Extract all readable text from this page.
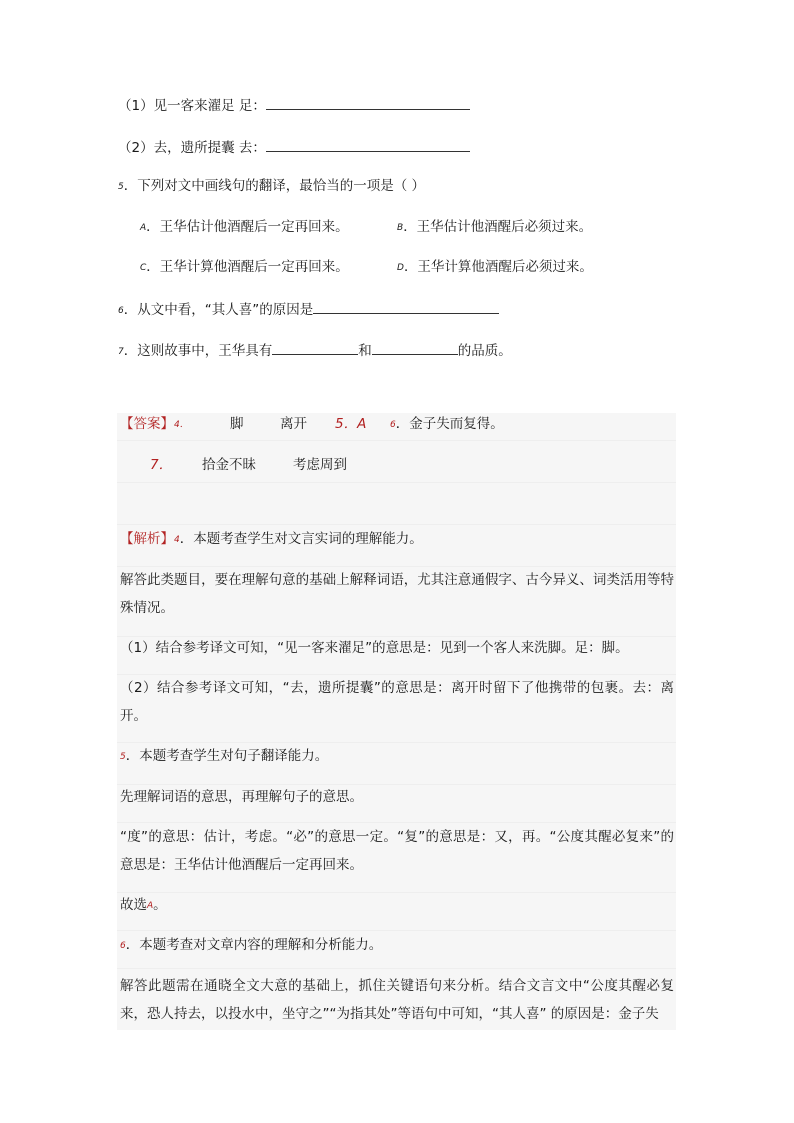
（1）见一客来濯足 足：
（2）去，遗所提囊 去：
5．下列对文中画线句的翻译，最恰当的一项是（ ）
A．王华估计他酒醒后一定再回来。	B．王华估计他酒醒后必须过来。
C．王华计算他酒醒后一定再回来。	D．王华计算他酒醒后必须过来。
6．从文中看，“其人喜”的原因是
7．这则故事中，王华具有	和	的品质。
【答案】4．	脚	离开 5．A	6．金子失而复得。
7． 拾金不昧	考虑周到
【解析】4．本题考查学生对文言实词的理解能力。
解答此类题目，要在理解句意的基础上解释词语，尤其注意通假字、古今异义、词类活用等特殊情况。
（1）结合参考译文可知，“见一客来濯足”的意思是：见到一个客人来洗脚。足：脚。
（2）结合参考译文可知，“去，遗所提囊”的意思是：离开时留下了他携带的包裹。去：离开。
5．本题考查学生对句子翻译能力。
先理解词语的意思，再理解句子的意思。
“度”的意思：估计，考虑。“必”的意思一定。“复”的意思是：又，再。“公度其醒必复来”的意思是：王华估计他酒醒后一定再回来。
故选A。
6．本题考查对文章内容的理解和分析能力。
解答此题需在通晓全文大意的基础上，抓住关键语句来分析。结合文言文中“公度其醒必复来，恐人持去，以投水中，坐守之”“为指其处”等语句中可知，“其人喜” 的原因是：金子失
